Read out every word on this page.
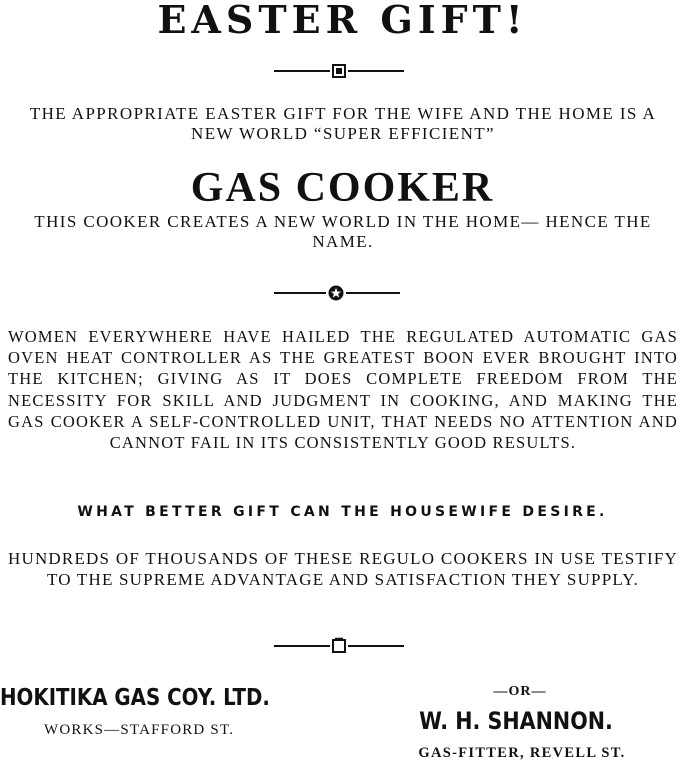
EASTER GIFT!

THE APPROPRIATE EASTER GIFT FOR THE WIFE AND THE HOME IS A NEW WORLD “SUPER EFFICIENT”

GAS COOKER

THIS COOKER CREATES A NEW WORLD IN THE HOME— HENCE THE NAME.

WOMEN EVERYWHERE HAVE HAILED THE REGULATED AUTOMATIC GAS OVEN HEAT CONTROLLER AS THE GREATEST BOON EVER BROUGHT INTO THE KITCHEN; GIVING AS IT DOES COMPLETE FREEDOM FROM THE NECESSITY FOR SKILL AND JUDGMENT IN COOKING, AND MAKING THE GAS COOKER A SELF-CONTROLLED UNIT, THAT NEEDS NO ATTENTION AND CANNOT FAIL IN ITS CONSISTENTLY GOOD RESULTS.

WHAT BETTER GIFT CAN THE HOUSEWIFE DESIRE.

HUNDREDS OF THOUSANDS OF THESE REGULO COOKERS IN USE TESTIFY TO THE SUPREME ADVANTAGE AND SATISFACTION THEY SUPPLY.

HOKITIKA GAS COY. LTD.
WORKS—STAFFORD ST.
—OR—
W. H. SHANNON.
GAS-FITTER, REVELL ST.
